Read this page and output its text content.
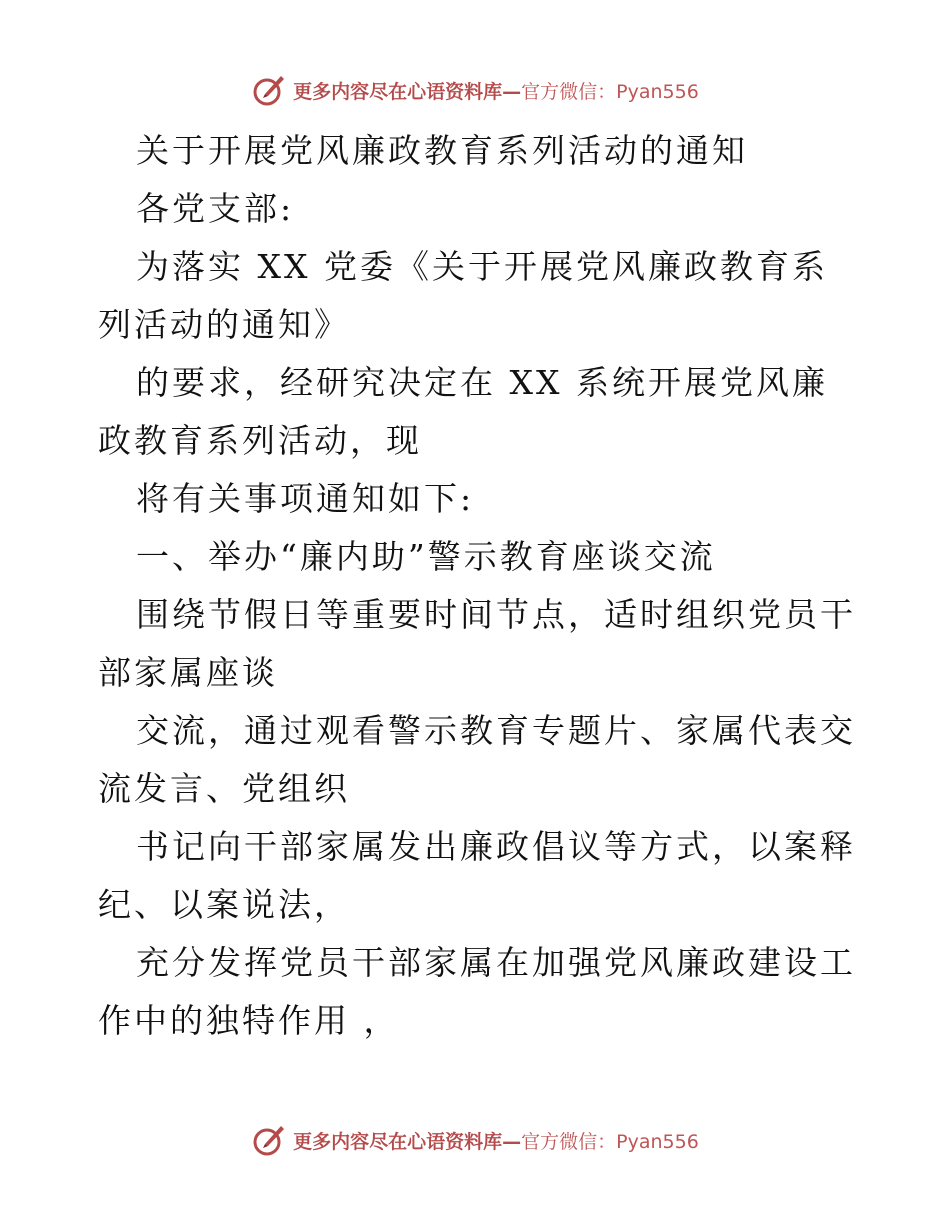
更多内容尽在心语资料库—官方微信：Pyan556

关于开展党风廉政教育系列活动的通知

各党支部:

为落实 XX 党委《关于开展党风廉政教育系列活动的通知》

的要求，经研究决定在 XX 系统开展党风廉政教育系列活动，现

将有关事项通知如下:

一、举办“廉内助”警示教育座谈交流

围绕节假日等重要时间节点，适时组织党员干部家属座谈

交流，通过观看警示教育专题片、家属代表交流发言、党组织

书记向干部家属发出廉政倡议等方式，以案释纪、以案说法，

充分发挥党员干部家属在加强党风廉政建设工作中的独特作用 ，

更多内容尽在心语资料库—官方微信：Pyan556
